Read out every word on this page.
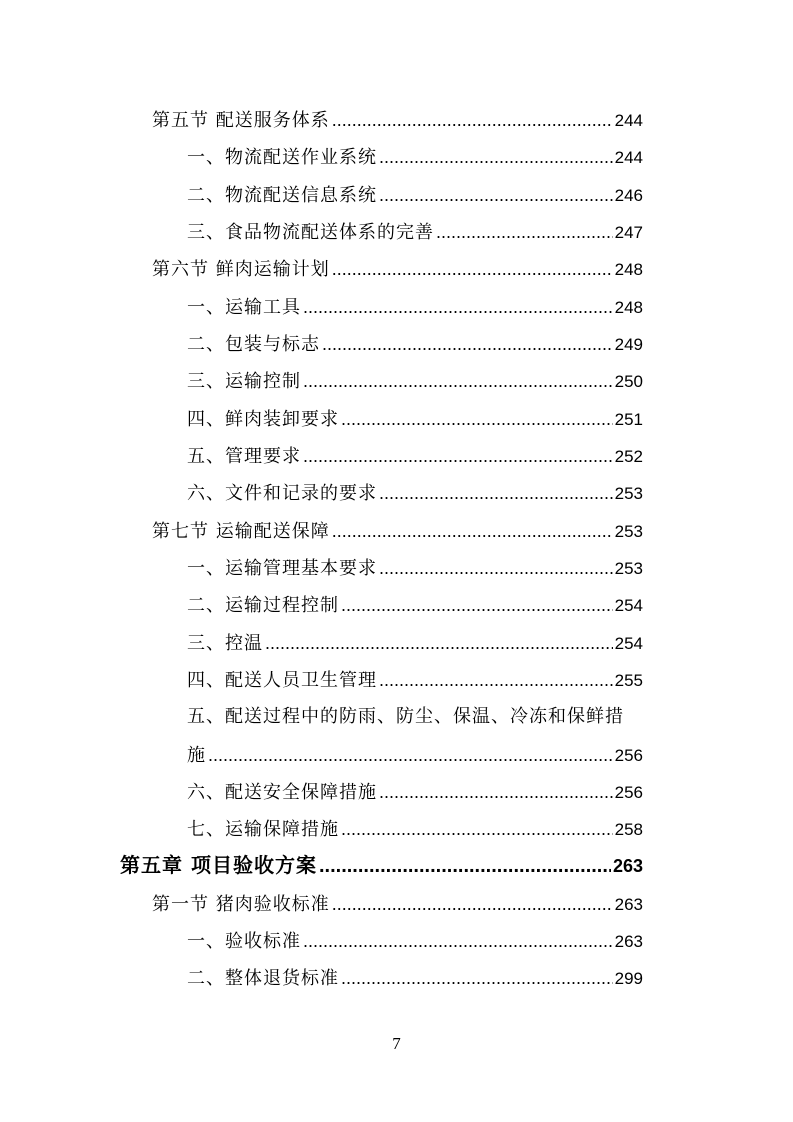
第五节 配送服务体系 .....	244
一、物流配送作业系统 .....	244
二、物流配送信息系统 .....	246
三、食品物流配送体系的完善 .....	247
第六节 鲜肉运输计划 .....	248
一、运输工具 .....	248
二、包装与标志 .....	249
三、运输控制 .....	250
四、鲜肉装卸要求 .....	251
五、管理要求 .....	252
六、文件和记录的要求 .....	253
第七节 运输配送保障 .....	253
一、运输管理基本要求 .....	253
二、运输过程控制 .....	254
三、控温 .....	254
四、配送人员卫生管理 .....	255
五、配送过程中的防雨、防尘、保温、冷冻和保鲜措
施 .....	256
六、配送安全保障措施 .....	256
七、运输保障措施 .....	258
第五章 项目验收方案 .....	263
第一节 猪肉验收标准 .....	263
一、验收标准 .....	263
二、整体退货标准 .....	299
7
